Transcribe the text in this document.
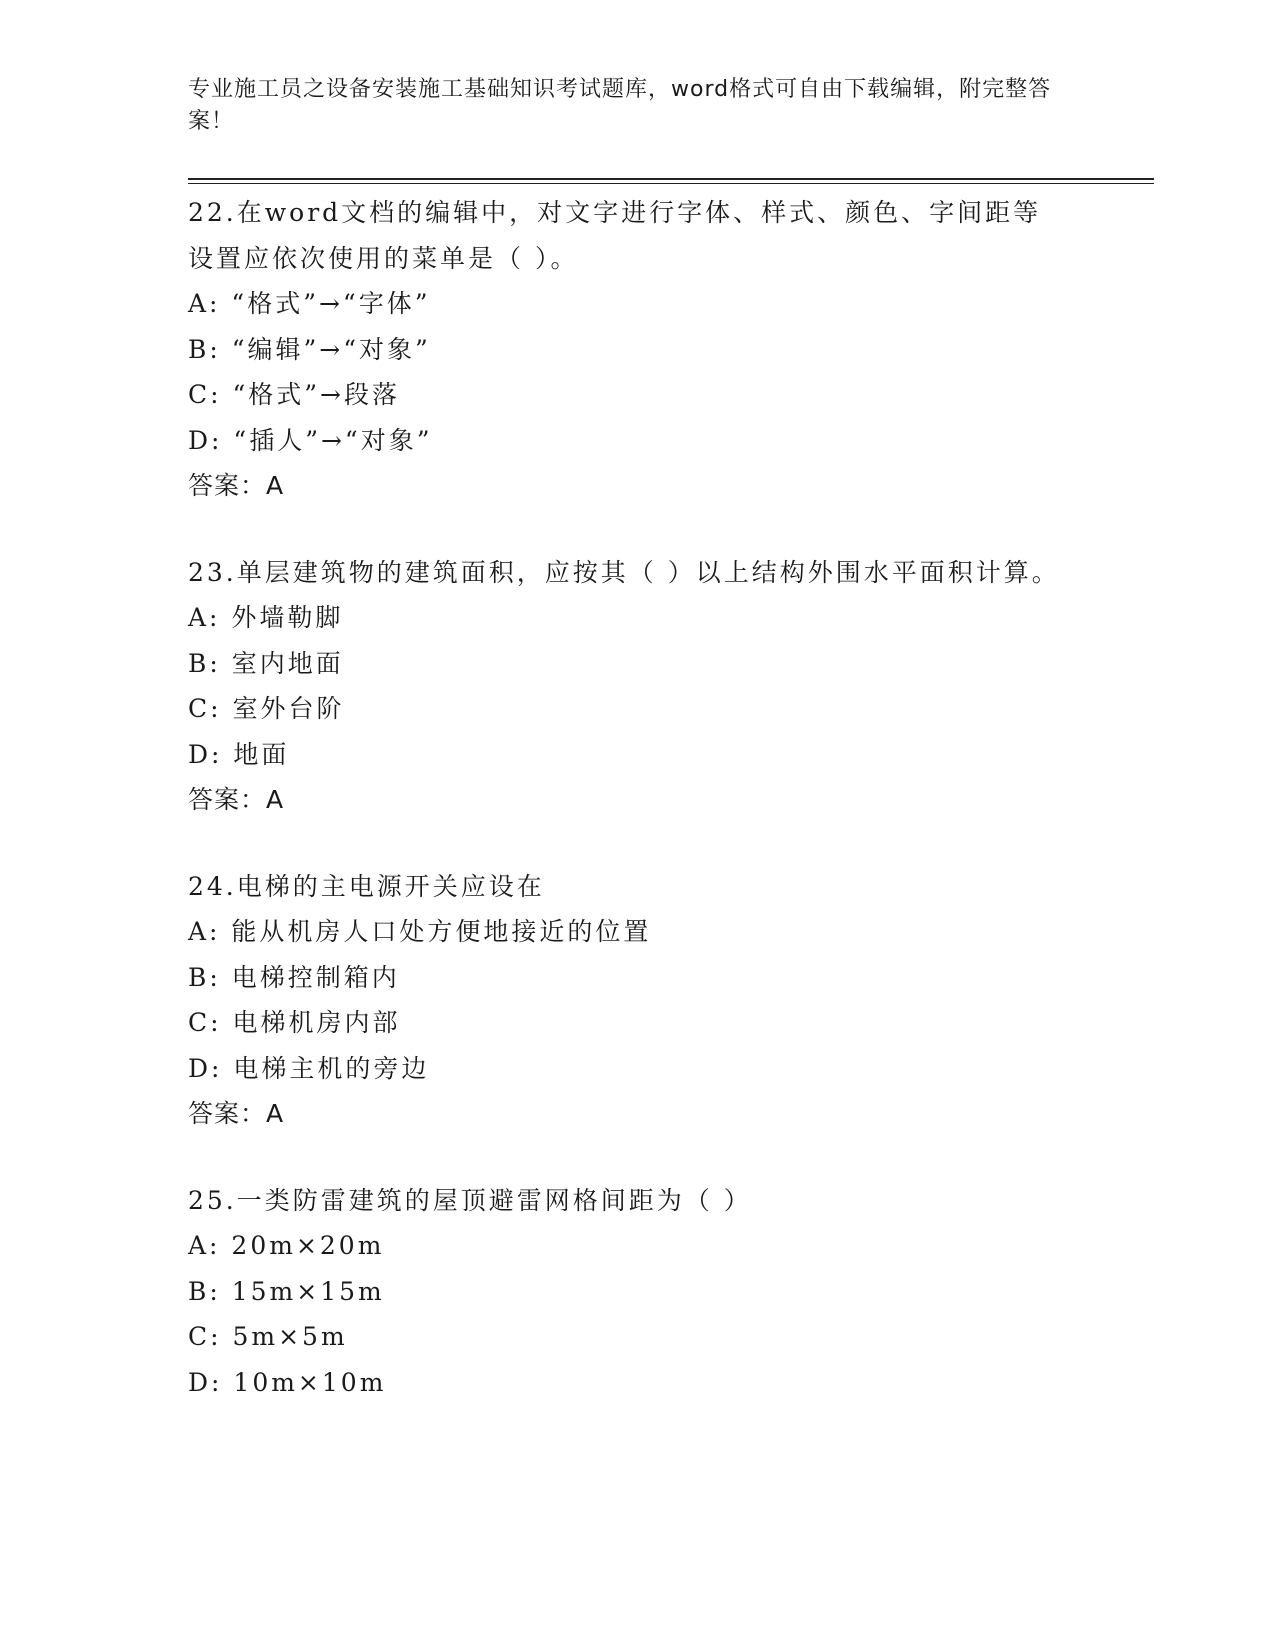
专业施工员之设备安装施工基础知识考试题库，word格式可自由下载编辑，附完整答案！
22.在word文档的编辑中，对文字进行字体、样式、颜色、字间距等设置应依次使用的菜单是（ ）。
A: “格式”→“字体”
B: “编辑”→“对象”
C: “格式”→段落
D: “插人”→“对象”
答案：A
23.单层建筑物的建筑面积，应按其（ ）以上结构外围水平面积计算。
A: 外墙勒脚
B: 室内地面
C: 室外台阶
D: 地面
答案：A
24.电梯的主电源开关应设在
A: 能从机房人口处方便地接近的位置
B: 电梯控制箱内
C: 电梯机房内部
D: 电梯主机的旁边
答案：A
25.一类防雷建筑的屋顶避雷网格间距为（ ）
A: 20m×20m
B: 15m×15m
C: 5m×5m
D: 10m×10m
